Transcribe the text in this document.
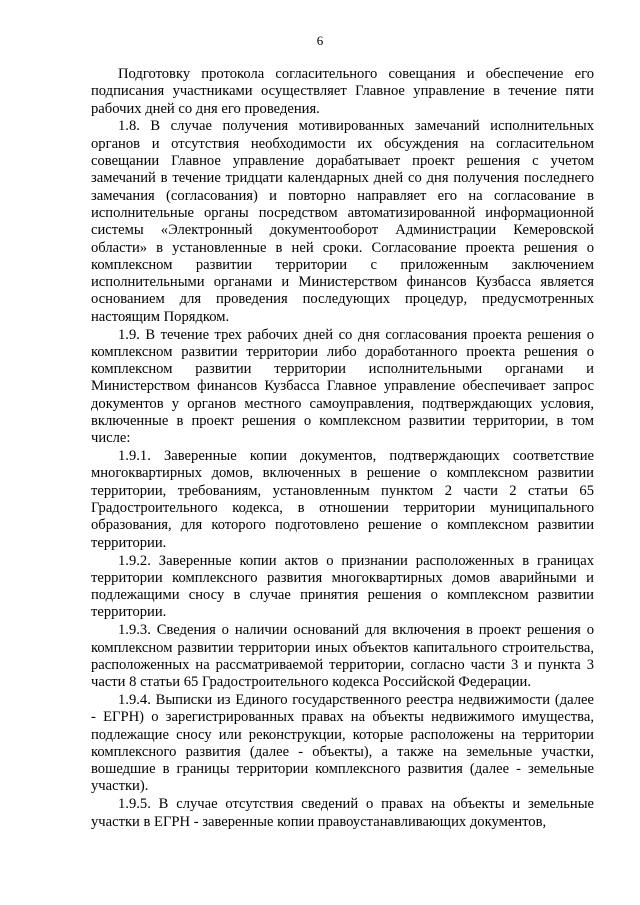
6

Подготовку протокола согласительного совещания и обеспечение его подписания участниками осуществляет Главное управление в течение пяти рабочих дней со дня его проведения.

1.8. В случае получения мотивированных замечаний исполнительных органов и отсутствия необходимости их обсуждения на согласительном совещании Главное управление дорабатывает проект решения с учетом замечаний в течение тридцати календарных дней со дня получения последнего замечания (согласования) и повторно направляет его на согласование в исполнительные органы посредством автоматизированной информационной системы «Электронный документооборот Администрации Кемеровской области» в установленные в ней сроки. Согласование проекта решения о комплексном развитии территории с приложенным заключением исполнительными органами и Министерством финансов Кузбасса является основанием для проведения последующих процедур, предусмотренных настоящим Порядком.

1.9. В течение трех рабочих дней со дня согласования проекта решения о комплексном развитии территории либо доработанного проекта решения о комплексном развитии территории исполнительными органами и Министерством финансов Кузбасса Главное управление обеспечивает запрос документов у органов местного самоуправления, подтверждающих условия, включенные в проект решения о комплексном развитии территории, в том числе:

1.9.1. Заверенные копии документов, подтверждающих соответствие многоквартирных домов, включенных в решение о комплексном развитии территории, требованиям, установленным пунктом 2 части 2 статьи 65 Градостроительного кодекса, в отношении территории муниципального образования, для которого подготовлено решение о комплексном развитии территории.

1.9.2. Заверенные копии актов о признании расположенных в границах территории комплексного развития многоквартирных домов аварийными и подлежащими сносу в случае принятия решения о комплексном развитии территории.

1.9.3. Сведения о наличии оснований для включения в проект решения о комплексном развитии территории иных объектов капитального строительства, расположенных на рассматриваемой территории, согласно части 3 и пункта 3 части 8 статьи 65 Градостроительного кодекса Российской Федерации.

1.9.4. Выписки из Единого государственного реестра недвижимости (далее - ЕГРН) о зарегистрированных правах на объекты недвижимого имущества, подлежащие сносу или реконструкции, которые расположены на территории комплексного развития (далее - объекты), а также на земельные участки, вошедшие в границы территории комплексного развития (далее - земельные участки).

1.9.5. В случае отсутствия сведений о правах на объекты и земельные участки в ЕГРН - заверенные копии правоустанавливающих документов,
